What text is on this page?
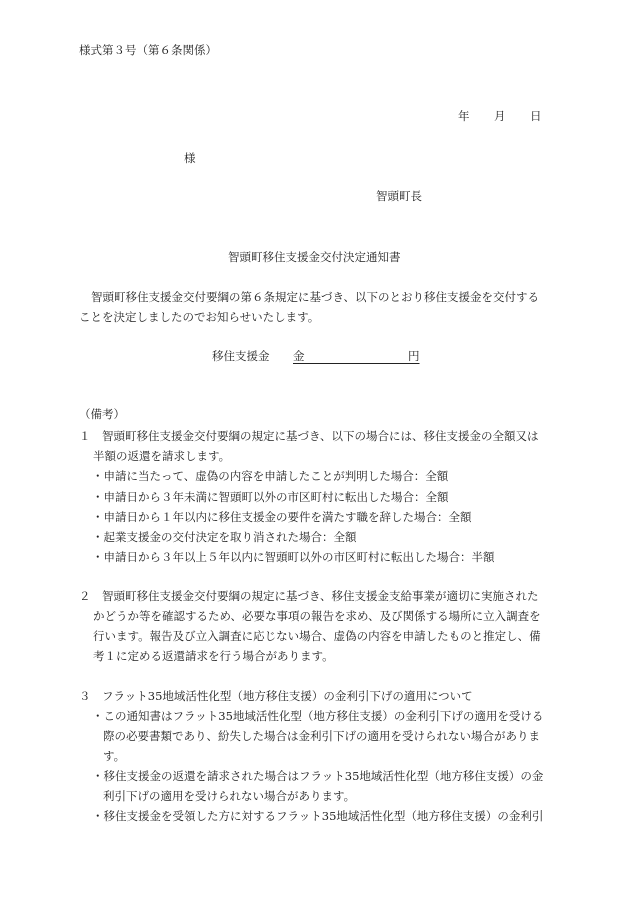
様式第３号（第６条関係）
年 月 日
様
智頭町長
智頭町移住支援金交付決定通知書
智頭町移住支援金交付要綱の第６条規定に基づき、以下のとおり移住支援金を交付する
ことを決定しましたのでお知らせいたします。
移住支援金 金　　　　　　　　　	円
（備考）
１　智頭町移住支援金交付要綱の規定に基づき、以下の場合には、移住支援金の全額又は
半額の返還を請求します。
・申請に当たって、虚偽の内容を申請したことが判明した場合：全額
・申請日から３年未満に智頭町以外の市区町村に転出した場合：全額
・申請日から１年以内に移住支援金の要件を満たす職を辞した場合：全額
・起業支援金の交付決定を取り消された場合：全額
・申請日から３年以上５年以内に智頭町以外の市区町村に転出した場合：半額
２　智頭町移住支援金交付要綱の規定に基づき、移住支援金支給事業が適切に実施された
かどうか等を確認するため、必要な事項の報告を求め、及び関係する場所に立入調査を
行います。報告及び立入調査に応じない場合、虚偽の内容を申請したものと推定し、備
考１に定める返還請求を行う場合があります。
３　フラット35地域活性化型（地方移住支援）の金利引下げの適用について
・この通知書はフラット35地域活性化型（地方移住支援）の金利引下げの適用を受ける
際の必要書類であり、紛失した場合は金利引下げの適用を受けられない場合がありま
す。
・移住支援金の返還を請求された場合はフラット35地域活性化型（地方移住支援）の金
利引下げの適用を受けられない場合があります。
・移住支援金を受領した方に対するフラット35地域活性化型（地方移住支援）の金利引
